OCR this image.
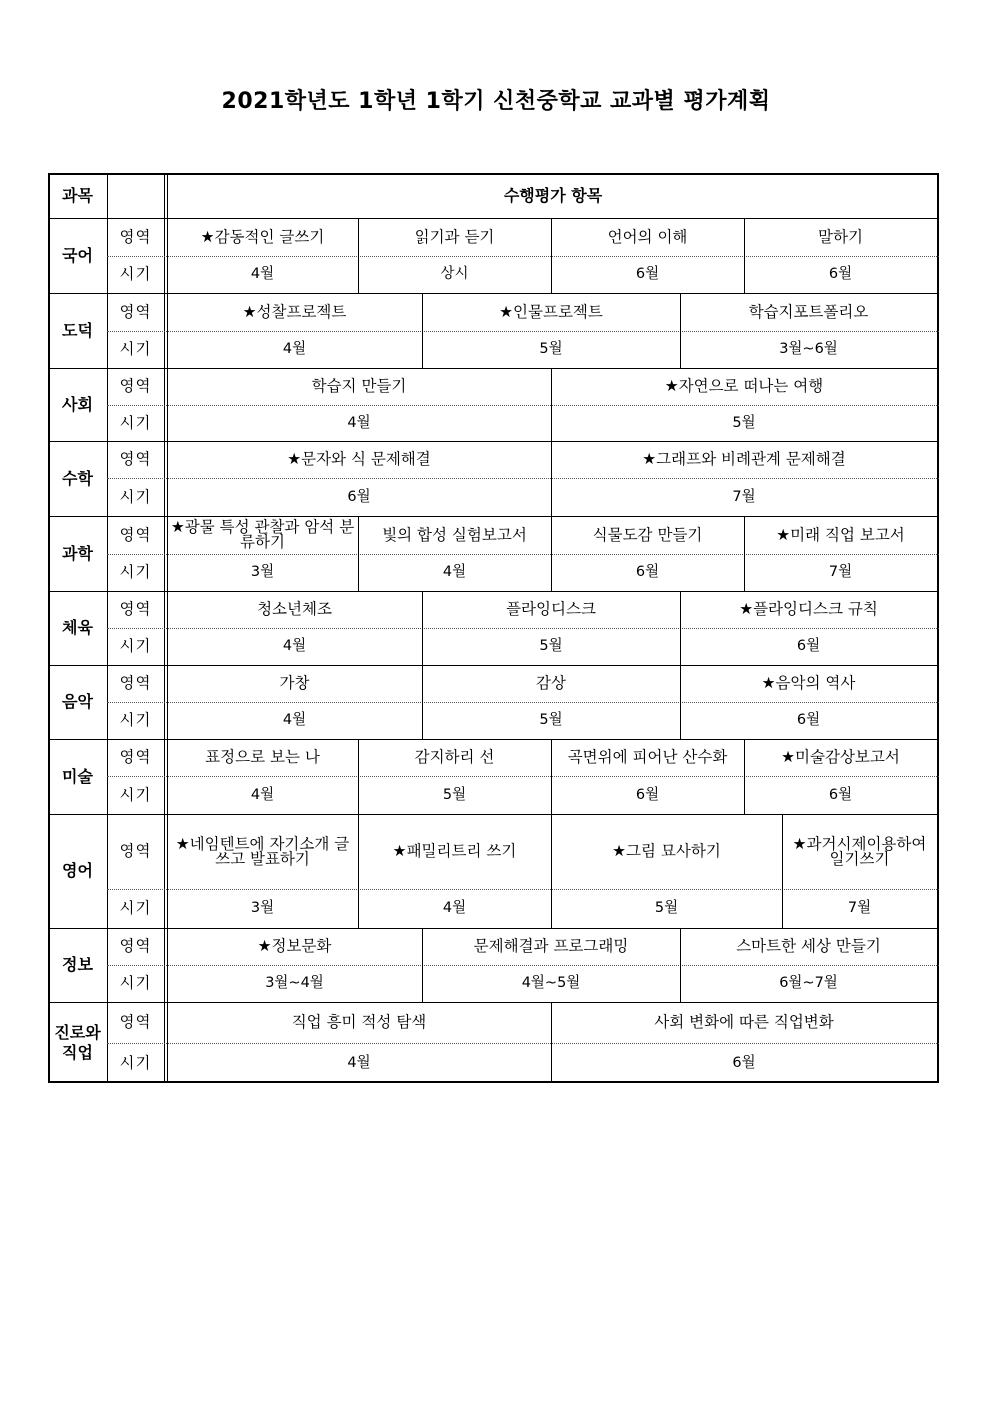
2021학년도 1학년 1학기 신천중학교 교과별 평가계획
과목	수행평가 항목
국어
영역
시기
★감동적인 글쓰기
4월
읽기과 듣기
상시
언어의 이해
6월
말하기
6월
도덕
영역
시기
★성찰프로젝트
4월
★인물프로젝트
5월
학습지포트폴리오
3월~6월
사회
영역
시기
학습지 만들기
4월
★자연으로 떠나는 여행
5월
수학
영역
시기
★문자와 식 문제해결
6월
★그래프와 비례관계 문제해결
7월
과학
영역
시기
★광물 특성 관찰과 암석 분류하기
3월
빛의 합성 실험보고서
4월
식물도감 만들기
6월
★미래 직업 보고서
7월
체육
영역
시기
청소년체조
4월
플라잉디스크
5월
★플라잉디스크 규칙
6월
음악
영역
시기
가창
4월
감상
5월
★음악의 역사
6월
미술
영역
시기
표정으로 보는 나
4월
감지하리 선
5월
곡면위에 피어난 산수화
6월
★미술감상보고서
6월
영어
영역
시기
★네임텐트에 자기소개 글 쓰고 발표하기
3월
★패밀리트리 쓰기
4월
★그림 묘사하기
5월
★과거시제이용하여 일기쓰기
7월
정보
영역
시기
★정보문화
3월~4월
문제해결과 프로그래밍
4월~5월
스마트한 세상 만들기
6월~7월
진로와 직업
영역
시기
직업 흥미 적성 탐색
4월
사회 변화에 따른 직업변화
6월
